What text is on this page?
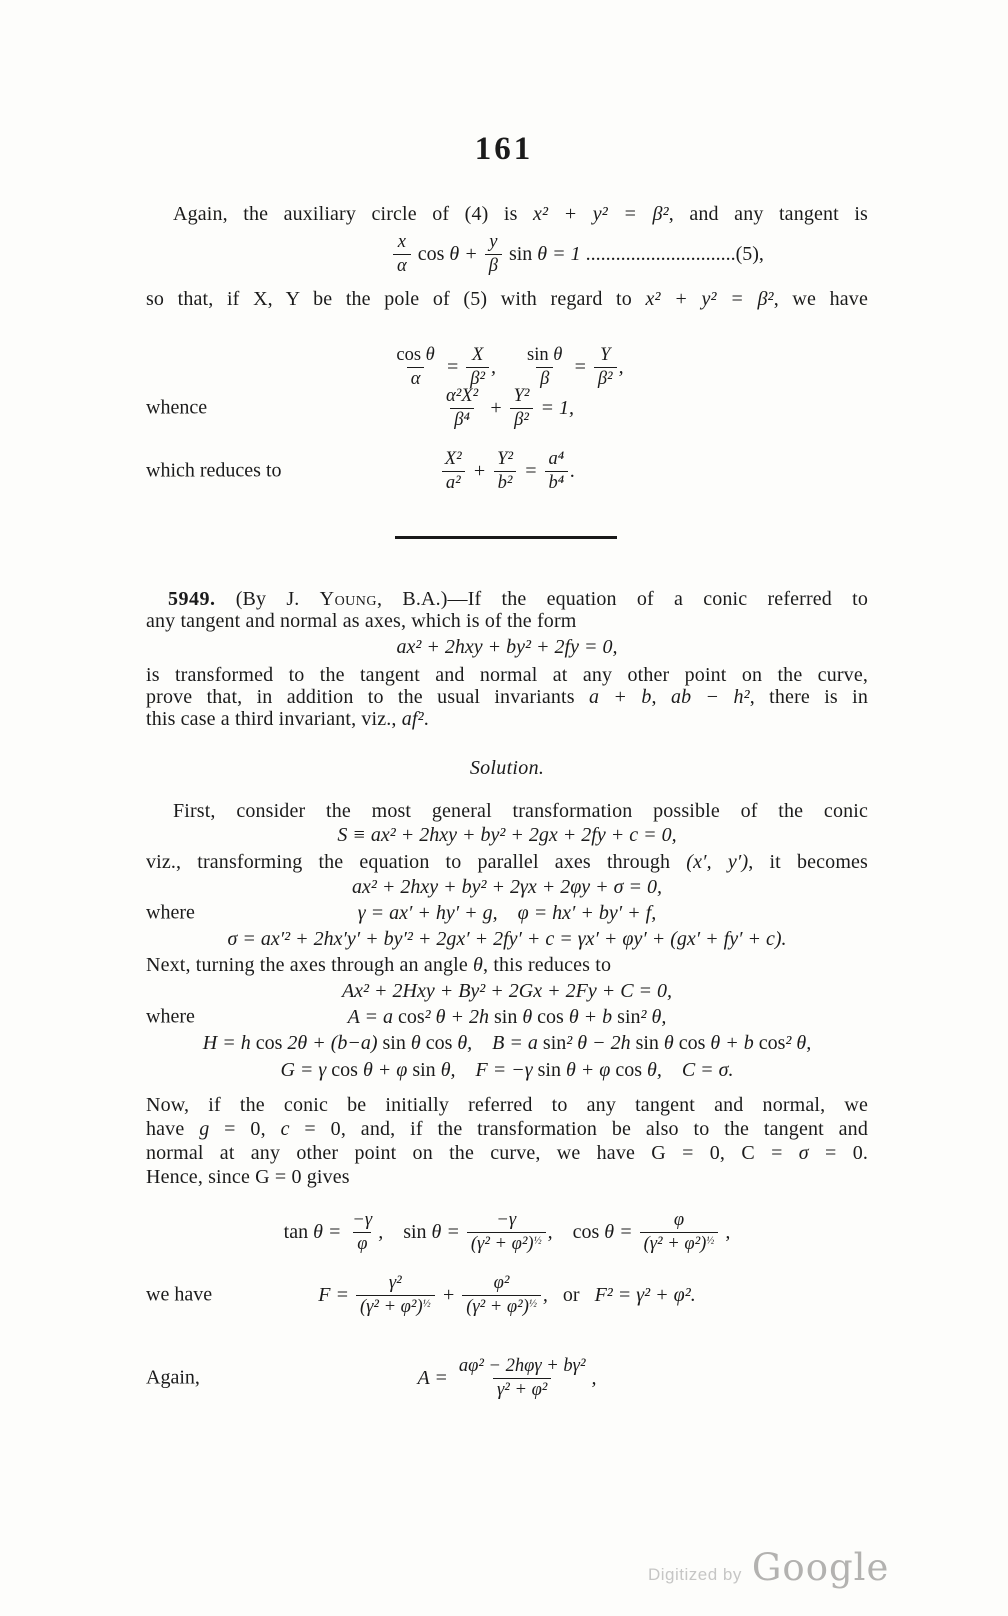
161
Again, the auxiliary circle of (4) is x² + y² = β², and any tangent is
$\frac{x}{\alpha}$ $\cos \theta + \frac{y}{\beta}$ sin θ = 1 ..............................(5),
so that, if X, Y be the pole of (5) with regard to x² + y² = β², we have
$\frac{\text{cos θ}}{\alpha} = \frac{X}{\text{β²}}$ , $\frac{\text{sin θ}}{\beta} = \frac{Y}{\text{β²}}$ ,
whence	$\frac{\text{α²X²}}{\text{β⁴}} + \frac{\text{Y²}}{\text{β²}} = 1$,
which reduces to	$\frac{\text{X²}}{\text{a²}} + \frac{\text{Y²}}{\text{b²}} = \frac{\text{a⁴}}{\text{b⁴}}$ .
5949. (By J. Young, B.A.)—If the equation of a conic referred to
any tangent and normal as axes, which is of the form
ax² + 2hxy + by² + 2fy = 0,
is transformed to the tangent and normal at any other point on the curve,
prove that, in addition to the usual invariants a + b, ab − h², there is in
this case a third invariant, viz., af².
Solution.
First, consider the most general transformation possible of the conic
S ≡ ax² + 2hxy + by² + 2gx + 2fy + c = 0,
viz., transforming the equation to parallel axes through (x′, y′), it becomes
ax² + 2hxy + by² + 2γx + 2φy + σ = 0,
where	γ = ax′ + hy′ + g,    φ = hx′ + by′ + f,
σ = ax′² + 2hx′y′ + by′² + 2gx′ + 2fy′ + c = γx′ + φy′ + (gx′ + fy′ + c).
Next, turning the axes through an angle θ, this reduces to
Ax² + 2Hxy + By² + 2Gx + 2Fy + C = 0,
where	A = a cos² θ + 2h sin θ cos θ + b sin² θ,
H = h cos 2θ + (b−a) sin θ cos θ,    B = a sin² θ − 2h sin θ cos θ + b cos² θ,
G = γ cos θ + φ sin θ,    F = −γ sin θ + φ cos θ,    C = σ.
Now, if the conic be initially referred to any tangent and normal, we
have g = 0, c = 0, and, if the transformation be also to the tangent and
normal at any other point on the curve, we have G = 0, C = σ = 0.
Hence, since G = 0 gives
$\tan \theta = \frac{-\gamma}{\varphi}$ ,    $\sin \theta = \frac{-\gamma}{(\gamma^2 + \varphi^2)^{\frac{1}{2}}}$ ,    $\cos \theta = \frac{\varphi}{(\gamma^2 + \varphi^2)^{\frac{1}{2}}}$ ,
we have	$F = \frac{\text{γ²}}{(\gamma^2 + \varphi^2)^{\frac{1}{2}}} + \frac{\text{φ²}}{(\gamma^2 + \varphi^2)^{\frac{1}{2}}}$ ,   or   F² = γ² + φ².
Again,	$A = \frac{\text{aφ² − 2hφγ + bγ²}}{\text{γ² + φ²}}$ ,
Digitized by Google
